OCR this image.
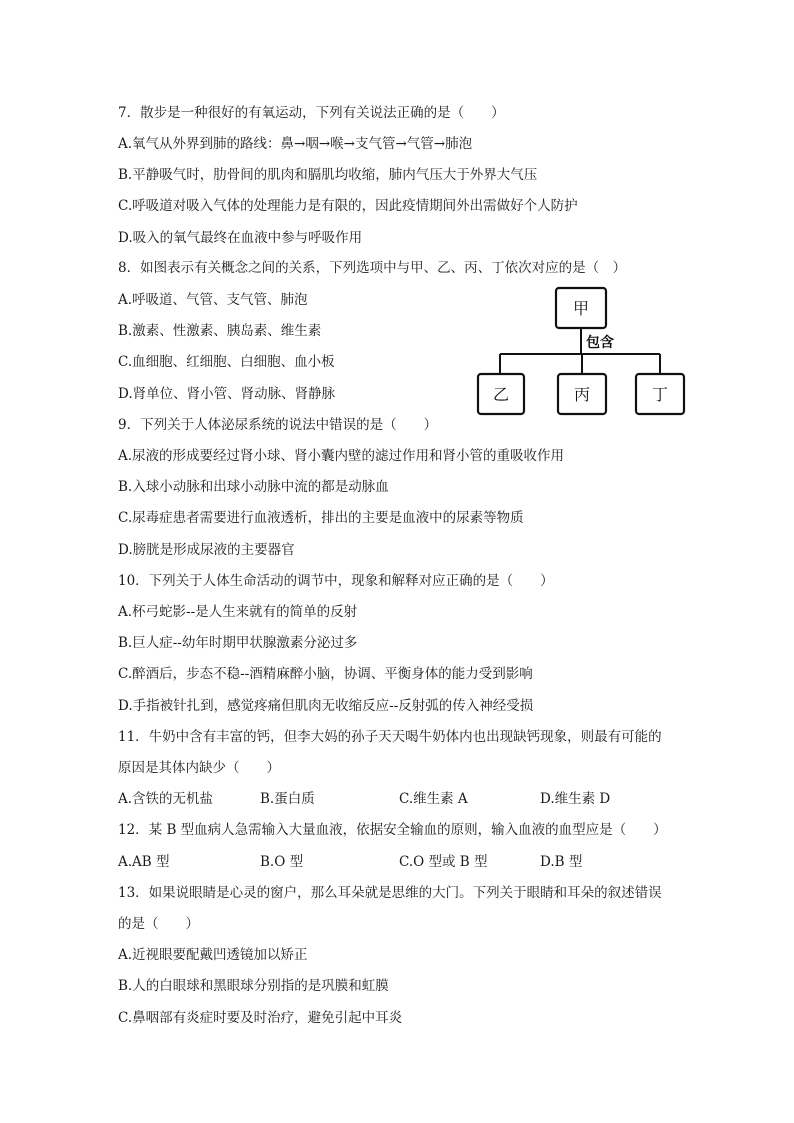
7．散步是一种很好的有氧运动，下列有关说法正确的是（　　）
A.氧气从外界到肺的路线：鼻→咽→喉→支气管→气管→肺泡
B.平静吸气时，肋骨间的肌肉和膈肌均收缩，肺内气压大于外界大气压
C.呼吸道对吸入气体的处理能力是有限的，因此疫情期间外出需做好个人防护
D.吸入的氧气最终在血液中参与呼吸作用
8．如图表示有关概念之间的关系，下列选项中与甲、乙、丙、丁依次对应的是（　）
A.呼吸道、气管、支气管、肺泡
B.激素、性激素、胰岛素、维生素
C.血细胞、红细胞、白细胞、血小板
D.肾单位、肾小管、肾动脉、肾静脉
甲
包含
乙	丙	丁
9．下列关于人体泌尿系统的说法中错误的是（　　）
A.尿液的形成要经过肾小球、肾小囊内壁的滤过作用和肾小管的重吸收作用
B.入球小动脉和出球小动脉中流的都是动脉血
C.尿毒症患者需要进行血液透析，排出的主要是血液中的尿素等物质
D.膀胱是形成尿液的主要器官
10．下列关于人体生命活动的调节中，现象和解释对应正确的是（　　）
A.杯弓蛇影--是人生来就有的简单的反射
B.巨人症--幼年时期甲状腺激素分泌过多
C.醉酒后，步态不稳--酒精麻醉小脑，协调、平衡身体的能力受到影响
D.手指被针扎到，感觉疼痛但肌肉无收缩反应--反射弧的传入神经受损
11．牛奶中含有丰富的钙，但李大妈的孙子天天喝牛奶体内也出现缺钙现象，则最有可能的
原因是其体内缺少（　　）
A.含铁的无机盐	B.蛋白质	C.维生素 A	D.维生素 D
12．某 B 型血病人急需输入大量血液，依据安全输血的原则，输入血液的血型应是（　　）
A.AB 型	B.O 型	C.O 型或 B 型	D.B 型
13．如果说眼睛是心灵的窗户，那么耳朵就是思维的大门。下列关于眼睛和耳朵的叙述错误
的是（　　）
A.近视眼要配戴凹透镜加以矫正
B.人的白眼球和黑眼球分别指的是巩膜和虹膜
C.鼻咽部有炎症时要及时治疗，避免引起中耳炎
